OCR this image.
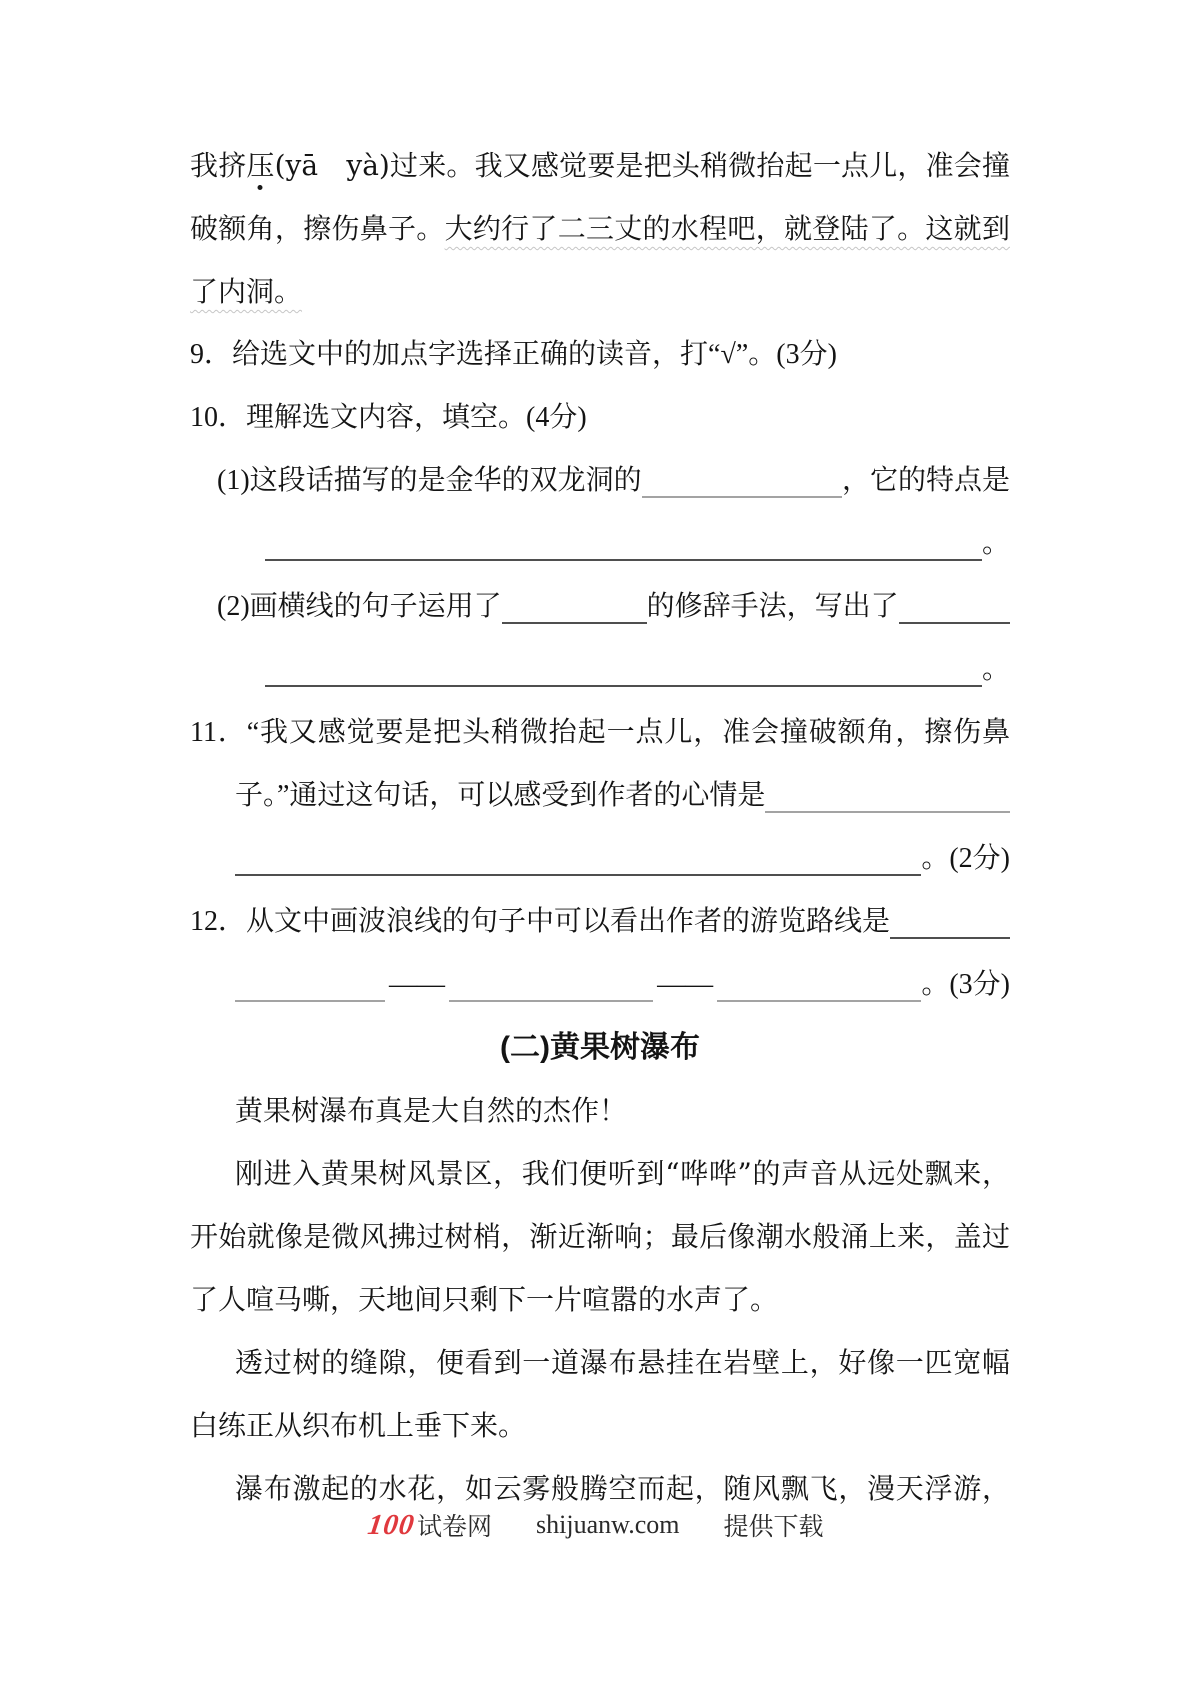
我挤压(yā　yà)过来。我又感觉要是把头稍微抬起一点儿，准会撞
破额角，擦伤鼻子。大约行了二三丈的水程吧，就登陆了。这就到
了内洞。
9．给选文中的加点字选择正确的读音，打“√”。(3分)
10．理解选文内容，填空。(4分)
(1) 这段话描写的是金华的双龙洞的	，它的特点是
。
(2) 画横线的句子运用了	的修辞手法，写出了
。
11．“我又感觉要是把头稍微抬起一点儿，准会撞破额角，擦伤鼻
子。”通过这句话，可以感受到作者的心情是
。(2分)
12． 从文中画波浪线的句子中可以看出作者的游览路线是
——	——	。(3分)
(二)黄果树瀑布
黄果树瀑布真是大自然的杰作！
刚进入黄果树风景区，我们便听到“哗哗”的声音从远处飘来，
开始就像是微风拂过树梢，渐近渐响；最后像潮水般涌上来，盖过
了人喧马嘶，天地间只剩下一片喧嚣的水声了。
透过树的缝隙，便看到一道瀑布悬挂在岩壁上，好像一匹宽幅
白练正从织布机上垂下来。
瀑布激起的水花，如云雾般腾空而起，随风飘飞，漫天浮游，
100 试卷网 shijuanw.com 提供下载
